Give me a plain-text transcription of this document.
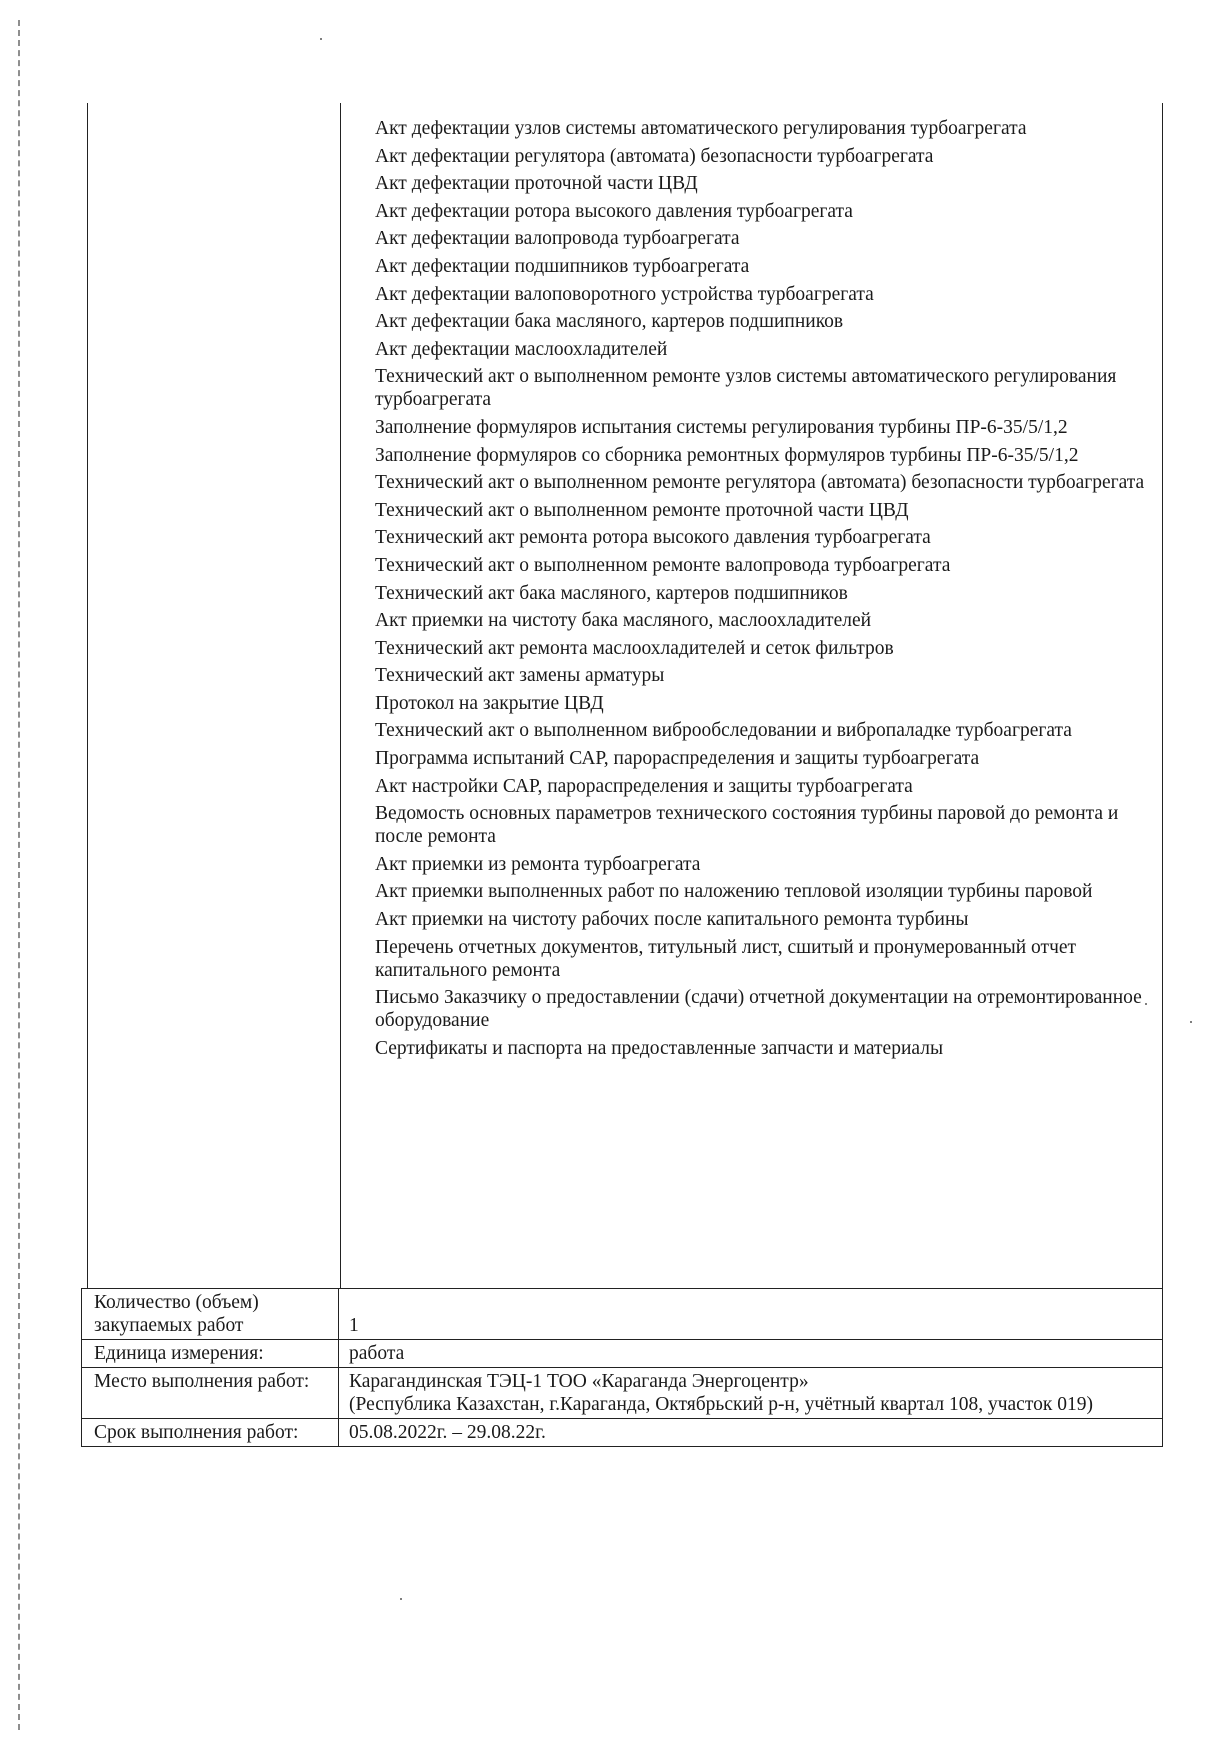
Акт дефектации узлов системы автоматического регулирования турбоагрегата
Акт дефектации регулятора (автомата) безопасности турбоагрегата
Акт дефектации проточной части ЦВД
Акт дефектации ротора высокого давления турбоагрегата
Акт дефектации валопровода турбоагрегата
Акт дефектации подшипников турбоагрегата
Акт дефектации валоповоротного устройства турбоагрегата
Акт дефектации бака масляного, картеров подшипников
Акт дефектации маслоохладителей
Технический акт о выполненном ремонте узлов системы автоматического регулирования турбоагрегата
Заполнение формуляров испытания системы регулирования турбины ПР-6-35/5/1,2
Заполнение формуляров со сборника ремонтных формуляров турбины ПР-6-35/5/1,2
Технический акт о выполненном ремонте регулятора (автомата) безопасности турбоагрегата
Технический акт о выполненном ремонте проточной части ЦВД
Технический акт ремонта ротора высокого давления турбоагрегата
Технический акт о выполненном ремонте валопровода турбоагрегата
Технический акт бака масляного, картеров подшипников
Акт приемки на чистоту бака масляного, маслоохладителей
Технический акт ремонта маслоохладителей и сеток фильтров
Технический акт замены арматуры
Протокол на закрытие ЦВД
Технический акт о выполненном виброобследовании и вибропаладке турбоагрегата
Программа испытаний САР, парораспределения и защиты турбоагрегата
Акт настройки САР, парораспределения и защиты турбоагрегата
Ведомость основных параметров технического состояния турбины паровой до ремонта и после ремонта
Акт приемки из ремонта турбоагрегата
Акт приемки выполненных работ по наложению тепловой изоляции турбины паровой
Акт приемки на чистоту рабочих после капитального ремонта турбины
Перечень отчетных документов, титульный лист, сшитый и пронумерованный отчет капитального ремонта
Письмо Заказчику о предоставлении (сдачи) отчетной документации на отремонтированное оборудование
Сертификаты и паспорта на предоставленные запчасти и материалы
Количество (объем) закупаемых работ	1
Единица измерения:	работа
Место выполнения работ:	Карагандинская ТЭЦ-1 ТОО «Караганда Энергоцентр»
(Республика Казахстан, г.Караганда, Октябрьский р-н, учётный квартал 108, участок 019)

Срок выполнения работ:	05.08.2022г. – 29.08.22г.
